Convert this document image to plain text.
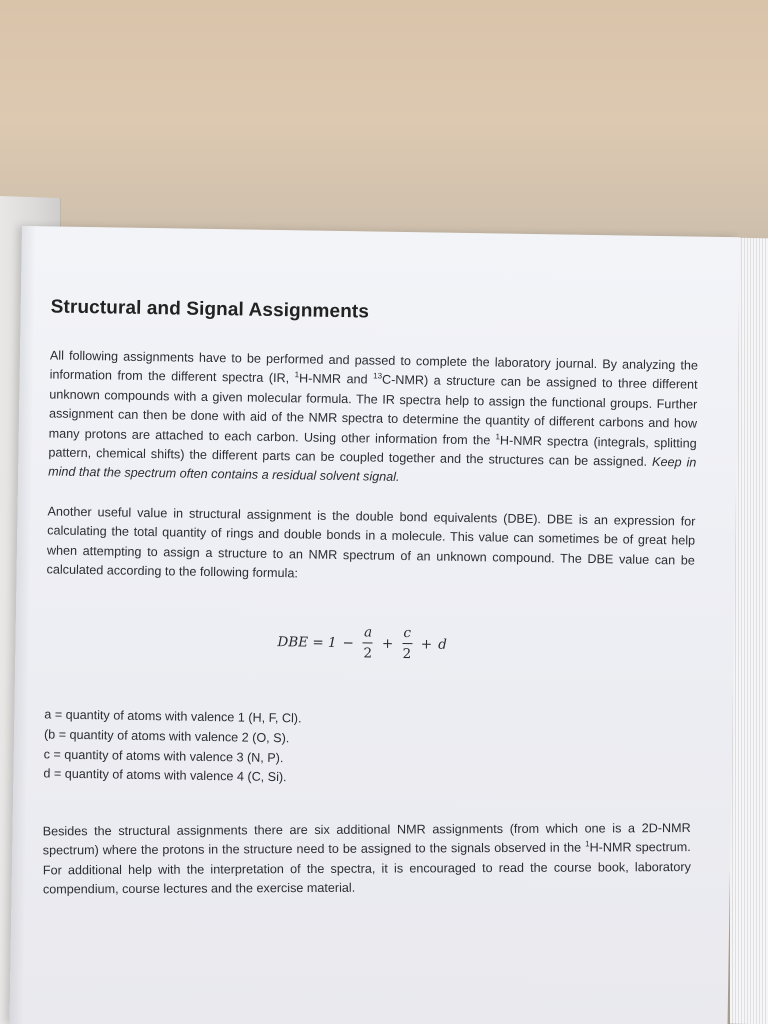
Structural and Signal Assignments

All following assignments have to be performed and passed to complete the laboratory journal. By analyzing the information from the different spectra (IR, $^1$H-NMR and $^{13}$C-NMR) a structure can be assigned to three different unknown compounds with a given molecular formula. The IR spectra help to assign the functional groups. Further assignment can then be done with aid of the NMR spectra to determine the quantity of different carbons and how many protons are attached to each carbon. Using other information from the $^1$H-NMR spectra (integrals, splitting pattern, chemical shifts) the different parts can be coupled together and the structures can be assigned. Keep in mind that the spectrum often contains a residual solvent signal.

Another useful value in structural assignment is the double bond equivalents (DBE). DBE is an expression for calculating the total quantity of rings and double bonds in a molecule. This value can sometimes be of great help when attempting to assign a structure to an NMR spectrum of an unknown compound. The DBE value can be calculated according to the following formula:

DBE = $1 - \frac{a}{2} + \frac{c}{2} + d$
a = quantity of atoms with valence 1 (H, F, Cl).
(b = quantity of atoms with valence 2 (O, S).
c = quantity of atoms with valence 3 (N, P).
d = quantity of atoms with valence 4 (C, Si).

Besides the structural assignments there are six additional NMR assignments (from which one is a 2D-NMR spectrum) where the protons in the structure need to be assigned to the signals observed in the $^1$H-NMR spectrum. For additional help with the interpretation of the spectra, it is encouraged to read the course book, laboratory compendium, course lectures and the exercise material.
